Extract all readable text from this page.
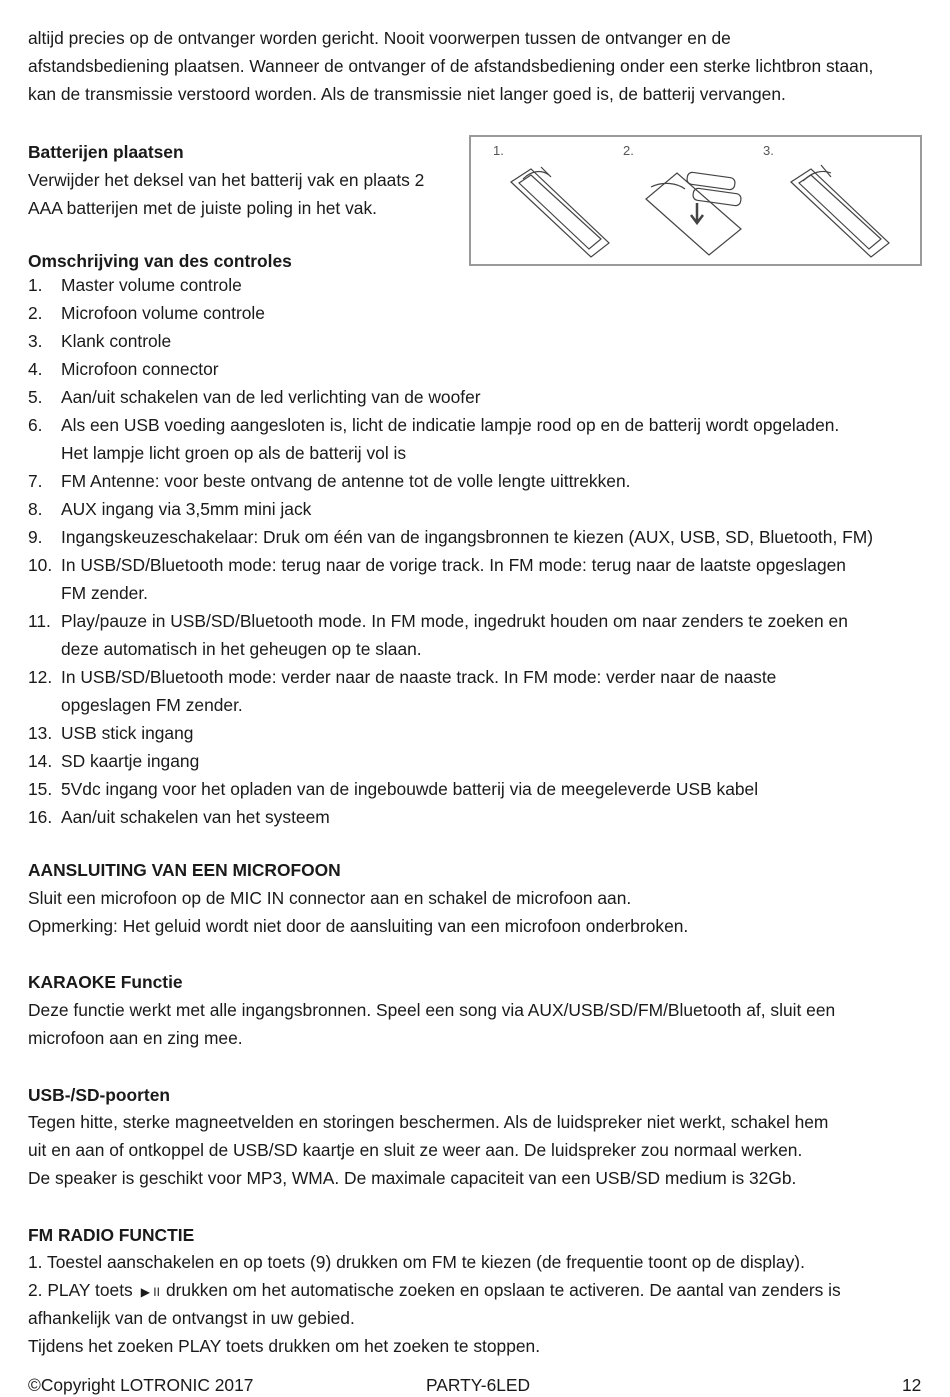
altijd precies op de ontvanger worden gericht. Nooit voorwerpen tussen de ontvanger en de
afstandsbediening plaatsen. Wanneer de ontvanger of de afstandsbediening onder een sterke lichtbron staan,
kan de transmissie verstoord worden. Als de transmissie niet langer goed is, de batterij vervangen.
Batterijen plaatsen
Verwijder het deksel van het batterij vak en plaats 2
AAA batterijen met de juiste poling in het vak.
1.	2.	3.
Omschrijving van des controles
1. Master volume controle
2. Microfoon volume controle
3. Klank controle
4. Microfoon connector
5. Aan/uit schakelen van de led verlichting van de woofer
6. Als een USB voeding aangesloten is, licht de indicatie lampje rood op en de batterij wordt opgeladen.
Het lampje licht groen op als de batterij vol is
7. FM Antenne: voor beste ontvang de antenne tot de volle lengte uittrekken.
8. AUX ingang via 3,5mm mini jack
9. Ingangskeuzeschakelaar: Druk om één van de ingangsbronnen te kiezen (AUX, USB, SD, Bluetooth, FM)
10. In USB/SD/Bluetooth mode: terug naar de vorige track. In FM mode: terug naar de laatste opgeslagen
FM zender.
11. Play/pauze in USB/SD/Bluetooth mode. In FM mode, ingedrukt houden om naar zenders te zoeken en
deze automatisch in het geheugen op te slaan.
12. In USB/SD/Bluetooth mode: verder naar de naaste track. In FM mode: verder naar de naaste
opgeslagen FM zender.
13. USB stick ingang
14. SD kaartje ingang
15. 5Vdc ingang voor het opladen van de ingebouwde batterij via de meegeleverde USB kabel
16. Aan/uit schakelen van het systeem
AANSLUITING VAN EEN MICROFOON
Sluit een microfoon op de MIC IN connector aan en schakel de microfoon aan.
Opmerking: Het geluid wordt niet door de aansluiting van een microfoon onderbroken.
KARAOKE Functie
Deze functie werkt met alle ingangsbronnen. Speel een song via AUX/USB/SD/FM/Bluetooth af, sluit een
microfoon aan en zing mee.
USB-/SD-poorten
Tegen hitte, sterke magneetvelden en storingen beschermen. Als de luidspreker niet werkt, schakel hem
uit en aan of ontkoppel de USB/SD kaartje en sluit ze weer aan. De luidspreker zou normaal werken.
De speaker is geschikt voor MP3, WMA. De maximale capaciteit van een USB/SD medium is 32Gb.
FM RADIO FUNCTIE
1. Toestel aanschakelen en op toets (9) drukken om FM te kiezen (de frequentie toont op de display).
2. PLAY toets ▶ II drukken om het automatische zoeken en opslaan te activeren. De aantal van zenders is
afhankelijk van de ontvangst in uw gebied.
Tijdens het zoeken PLAY toets drukken om het zoeken te stoppen.
©Copyright LOTRONIC 2017	PARTY-6LED	12
